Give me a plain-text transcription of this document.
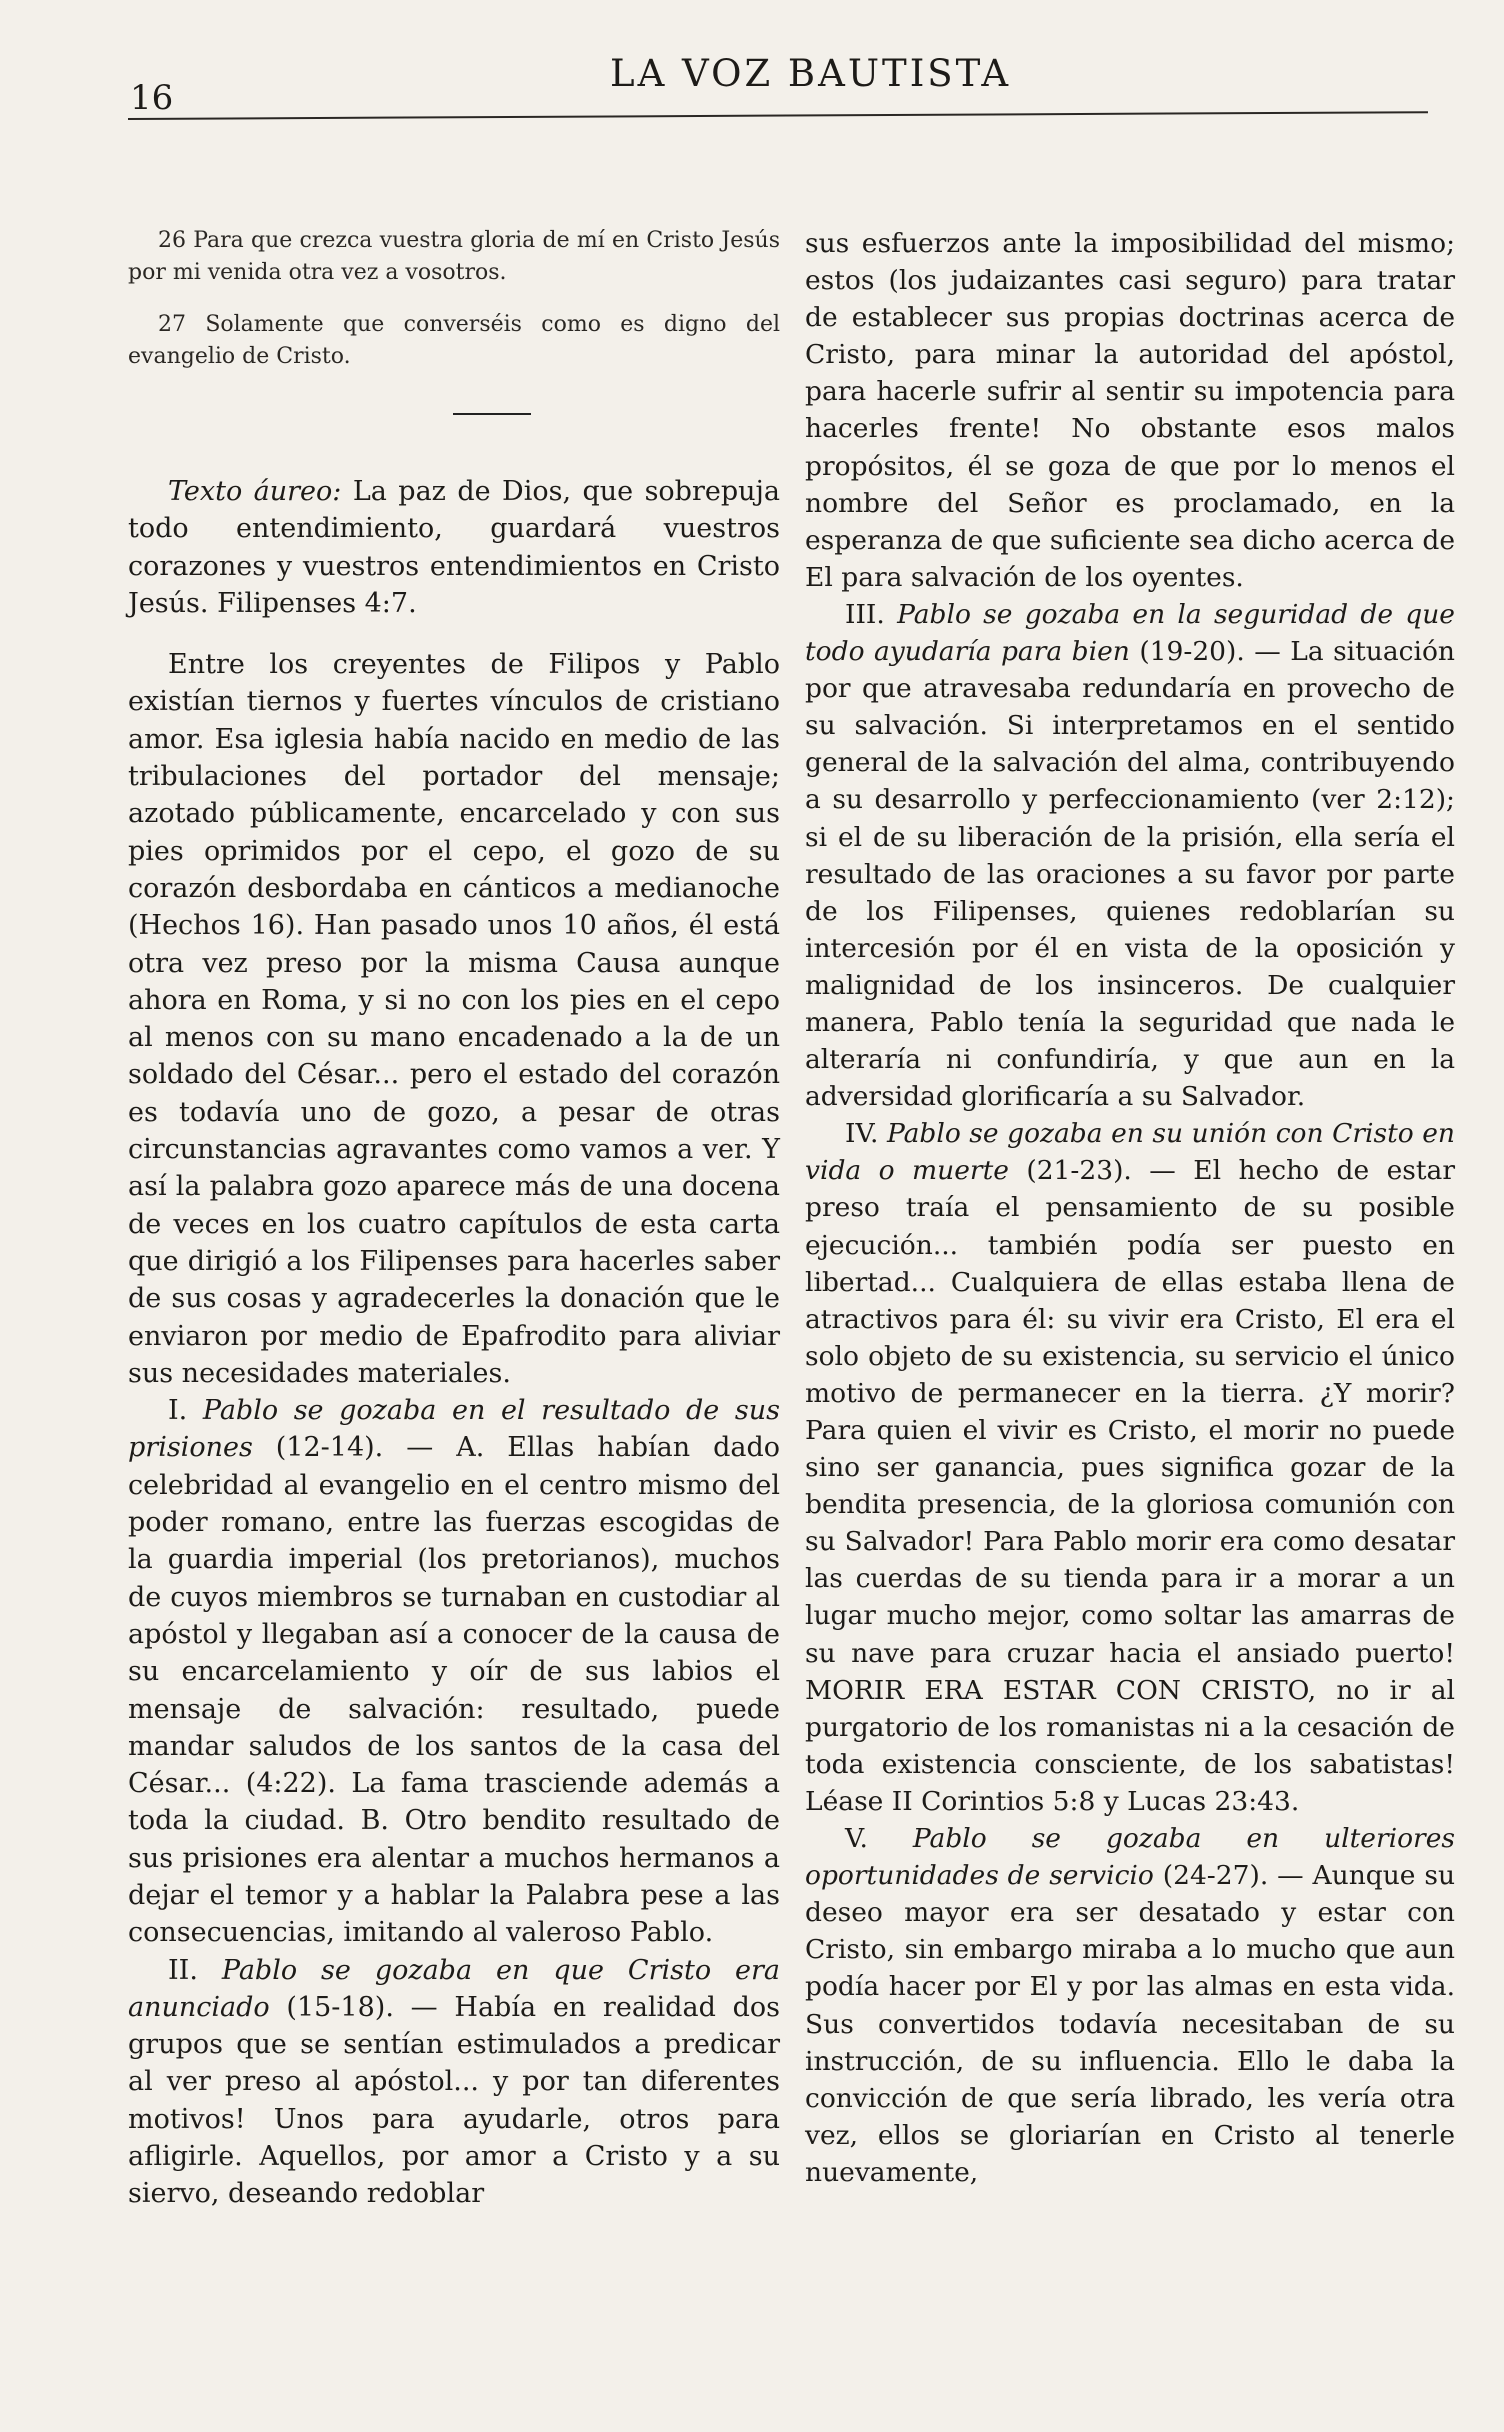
16
LA VOZ BAUTISTA

26 Para que crezca vuestra gloria de mí en Cristo Jesús por mi venida otra vez a vosotros.

27 Solamente que converséis como es digno del evangelio de Cristo.

Texto áureo: La paz de Dios, que sobrepuja todo entendimiento, guardará vuestros corazones y vuestros entendimientos en Cristo Jesús. Filipenses 4:7.

Entre los creyentes de Filipos y Pablo existían tiernos y fuertes vínculos de cristiano amor. Esa iglesia había nacido en medio de las tribulaciones del portador del mensaje; azotado públicamente, encarcelado y con sus pies oprimidos por el cepo, el gozo de su corazón desbordaba en cánticos a medianoche (Hechos 16). Han pasado unos 10 años, él está otra vez preso por la misma Causa aunque ahora en Roma, y si no con los pies en el cepo al menos con su mano encadenado a la de un soldado del César... pero el estado del corazón es todavía uno de gozo, a pesar de otras circunstancias agravantes como vamos a ver. Y así la palabra gozo aparece más de una docena de veces en los cuatro capítulos de esta carta que dirigió a los Filipenses para hacerles saber de sus cosas y agradecerles la donación que le enviaron por medio de Epafrodito para aliviar sus necesidades materiales.

I. Pablo se gozaba en el resultado de sus prisiones (12-14). — A. Ellas habían dado celebridad al evangelio en el centro mismo del poder romano, entre las fuerzas escogidas de la guardia imperial (los pretorianos), muchos de cuyos miembros se turnaban en custodiar al apóstol y llegaban así a conocer de la causa de su encarcelamiento y oír de sus labios el mensaje de salvación: resultado, puede mandar saludos de los santos de la casa del César... (4:22). La fama trasciende además a toda la ciudad. B. Otro bendito resultado de sus prisiones era alentar a muchos hermanos a dejar el temor y a hablar la Palabra pese a las consecuencias, imitando al valeroso Pablo.

II. Pablo se gozaba en que Cristo era anunciado (15-18). — Había en realidad dos grupos que se sentían estimulados a predicar al ver preso al apóstol... y por tan diferentes motivos! Unos para ayudarle, otros para afligirle. Aquellos, por amor a Cristo y a su siervo, deseando redoblar

sus esfuerzos ante la imposibilidad del mismo; estos (los judaizantes casi seguro) para tratar de establecer sus propias doctrinas acerca de Cristo, para minar la autoridad del apóstol, para hacerle sufrir al sentir su impotencia para hacerles frente! No obstante esos malos propósitos, él se goza de que por lo menos el nombre del Señor es proclamado, en la esperanza de que suficiente sea dicho acerca de El para salvación de los oyentes.

III. Pablo se gozaba en la seguridad de que todo ayudaría para bien (19-20). — La situación por que atravesaba redundaría en provecho de su salvación. Si interpretamos en el sentido general de la salvación del alma, contribuyendo a su desarrollo y perfeccionamiento (ver 2:12); si el de su liberación de la prisión, ella sería el resultado de las oraciones a su favor por parte de los Filipenses, quienes redoblarían su intercesión por él en vista de la oposición y malignidad de los insinceros. De cualquier manera, Pablo tenía la seguridad que nada le alteraría ni confundiría, y que aun en la adversidad glorificaría a su Salvador.

IV. Pablo se gozaba en su unión con Cristo en vida o muerte (21-23). — El hecho de estar preso traía el pensamiento de su posible ejecución... también podía ser puesto en libertad... Cualquiera de ellas estaba llena de atractivos para él: su vivir era Cristo, El era el solo objeto de su existencia, su servicio el único motivo de permanecer en la tierra. ¿Y morir? Para quien el vivir es Cristo, el morir no puede sino ser ganancia, pues significa gozar de la bendita presencia, de la gloriosa comunión con su Salvador! Para Pablo morir era como desatar las cuerdas de su tienda para ir a morar a un lugar mucho mejor, como soltar las amarras de su nave para cruzar hacia el ansiado puerto! MORIR ERA ESTAR CON CRISTO, no ir al purgatorio de los romanistas ni a la cesación de toda existencia consciente, de los sabatistas! Léase II Corintios 5:8 y Lucas 23:43.

V. Pablo se gozaba en ulteriores oportunidades de servicio (24-27). — Aunque su deseo mayor era ser desatado y estar con Cristo, sin embargo miraba a lo mucho que aun podía hacer por El y por las almas en esta vida. Sus convertidos todavía necesitaban de su instrucción, de su influencia. Ello le daba la convicción de que sería librado, les vería otra vez, ellos se gloriarían en Cristo al tenerle nuevamente,
